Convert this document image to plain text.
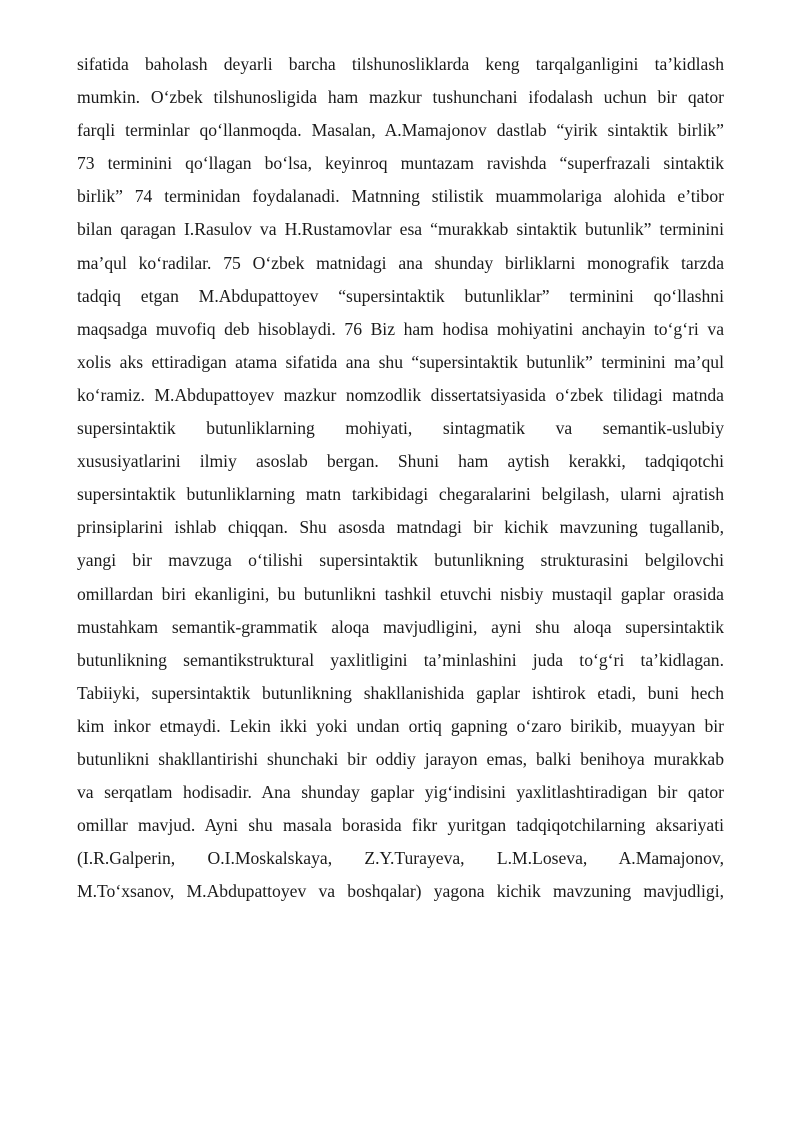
sifatida baholash deyarli barcha tilshunosliklarda keng tarqalganligini ta’kidlash
mumkin. O‘zbek tilshunosligida ham mazkur tushunchani ifodalash uchun bir qator
farqli terminlar qo‘llanmoqda. Masalan, A.Mamajonov dastlab “yirik sintaktik birlik”
73 terminini qo‘llagan bo‘lsa, keyinroq muntazam ravishda “superfrazali sintaktik
birlik” 74 terminidan foydalanadi. Matnning stilistik muammolariga alohida e’tibor
bilan qaragan I.Rasulov va H.Rustamovlar esa “murakkab sintaktik butunlik” terminini
ma’qul ko‘radilar. 75 O‘zbek matnidagi ana shunday birliklarni monografik tarzda
tadqiq etgan M.Abdupattoyev “supersintaktik butunliklar” terminini qo‘llashni
maqsadga muvofiq deb hisoblaydi. 76 Biz ham hodisa mohiyatini anchayin to‘g‘ri va
xolis aks ettiradigan atama sifatida ana shu “supersintaktik butunlik” terminini ma’qul
ko‘ramiz. M.Abdupattoyev mazkur nomzodlik dissertatsiyasida o‘zbek tilidagi matnda
supersintaktik butunliklarning mohiyati, sintagmatik va semantik-uslubiy
xususiyatlarini ilmiy asoslab bergan. Shuni ham aytish kerakki, tadqiqotchi
supersintaktik butunliklarning matn tarkibidagi chegaralarini belgilash, ularni ajratish
prinsiplarini ishlab chiqqan. Shu asosda matndagi bir kichik mavzuning tugallanib,
yangi bir mavzuga o‘tilishi supersintaktik butunlikning strukturasini belgilovchi
omillardan biri ekanligini, bu butunlikni tashkil etuvchi nisbiy mustaqil gaplar orasida
mustahkam semantik-grammatik aloqa mavjudligini, ayni shu aloqa supersintaktik
butunlikning semantikstruktural yaxlitligini ta’minlashini juda to‘g‘ri ta’kidlagan.
Tabiiyki, supersintaktik butunlikning shakllanishida gaplar ishtirok etadi, buni hech
kim inkor etmaydi. Lekin ikki yoki undan ortiq gapning o‘zaro birikib, muayyan bir
butunlikni shakllantirishi shunchaki bir oddiy jarayon emas, balki benihoya murakkab
va serqatlam hodisadir. Ana shunday gaplar yig‘indisini yaxlitlashtiradigan bir qator
omillar mavjud. Ayni shu masala borasida fikr yuritgan tadqiqotchilarning aksariyati
(I.R.Galperin, O.I.Moskalskaya, Z.Y.Turayeva, L.M.Loseva, A.Mamajonov,
M.To‘xsanov, M.Abdupattoyev va boshqalar) yagona kichik mavzuning mavjudligi,
